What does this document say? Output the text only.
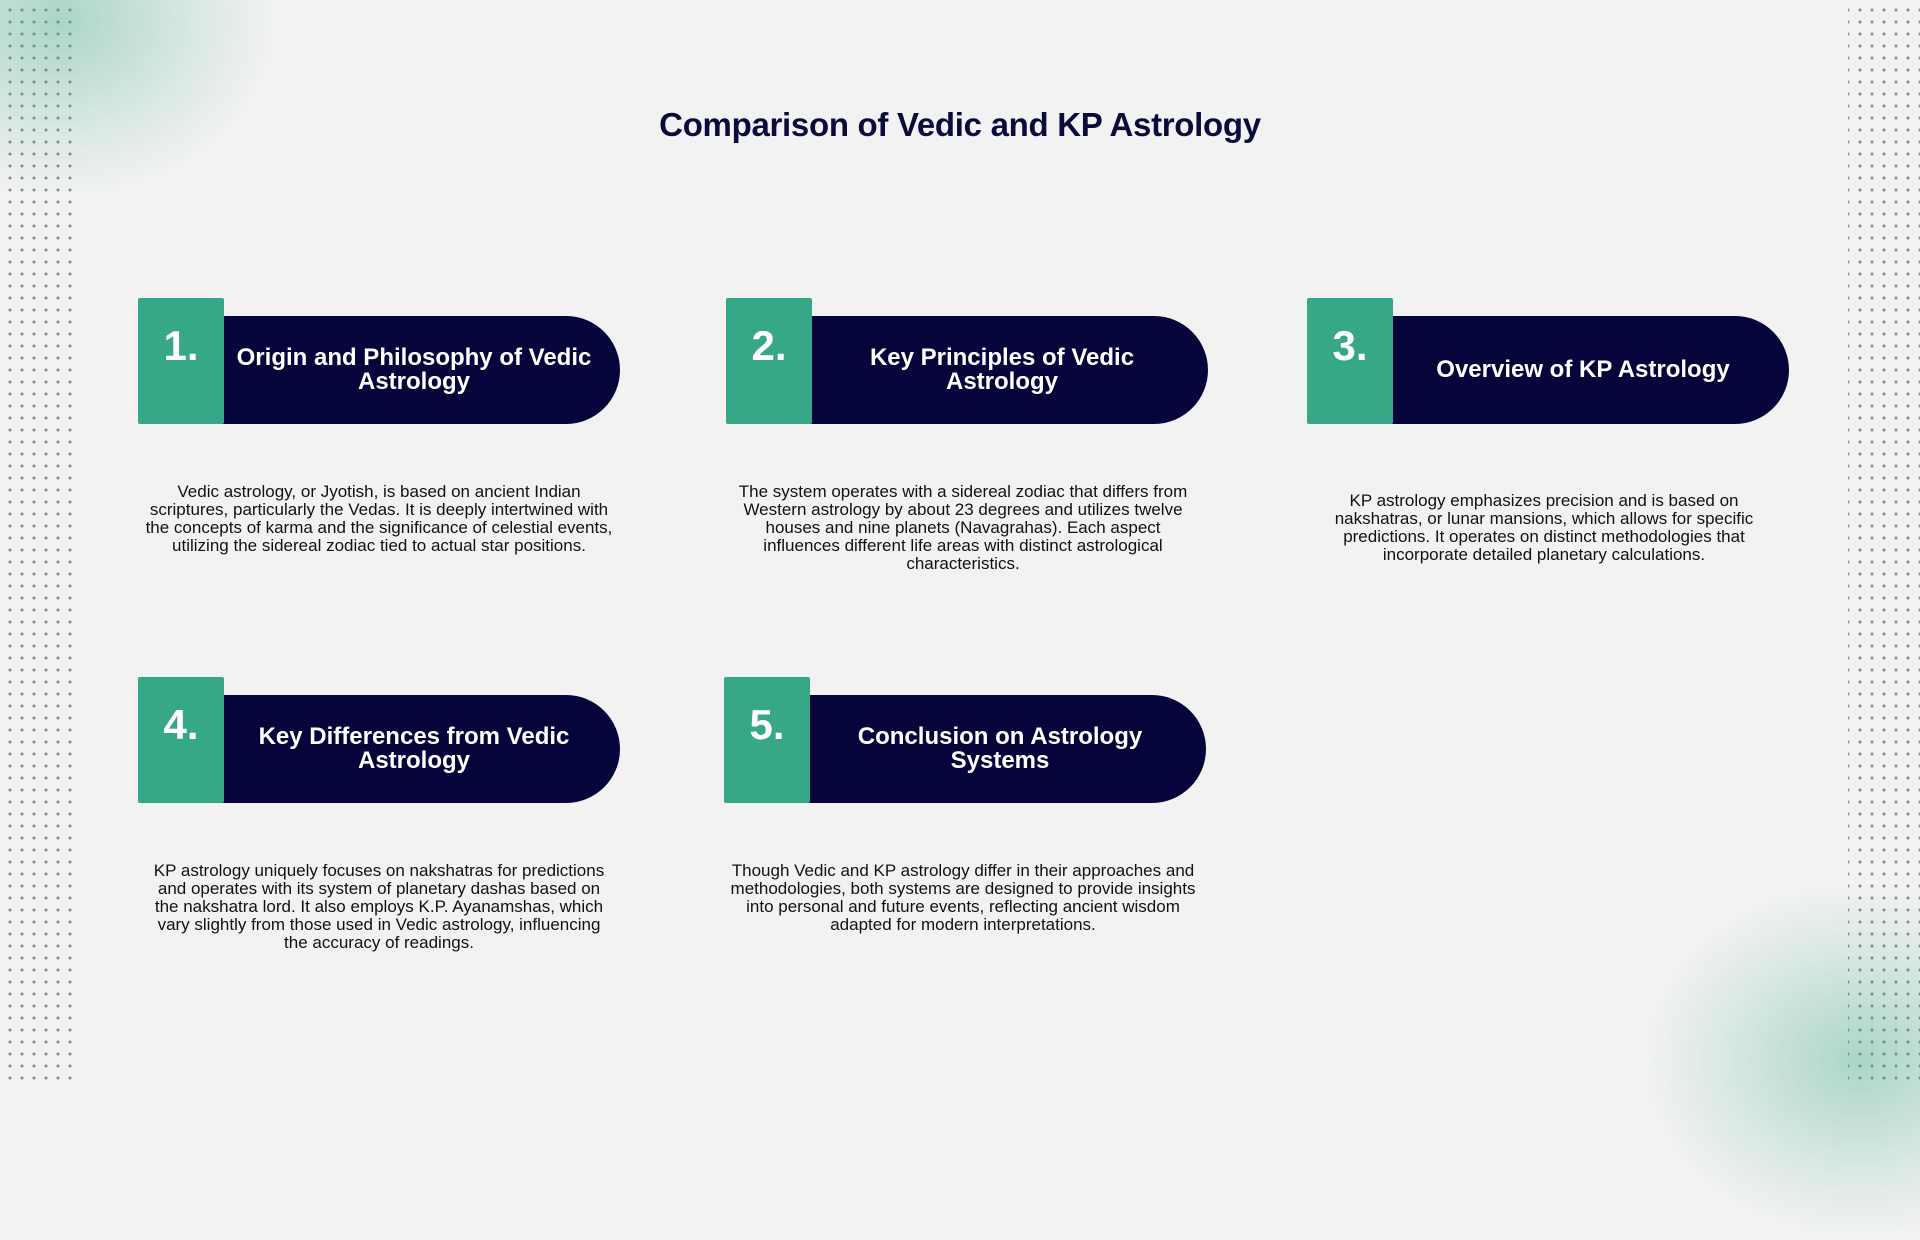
Comparison of Vedic and KP Astrology
Origin and Philosophy of Vedic Astrology
1.
Vedic astrology, or Jyotish, is based on ancient Indian scriptures, particularly the Vedas. It is deeply intertwined with the concepts of karma and the significance of celestial events, utilizing the sidereal zodiac tied to actual star positions.
Key Principles of Vedic Astrology
2.
The system operates with a sidereal zodiac that differs from Western astrology by about 23 degrees and utilizes twelve houses and nine planets (Navagrahas). Each aspect influences different life areas with distinct astrological characteristics.
Overview of KP Astrology
3.
KP astrology emphasizes precision and is based on nakshatras, or lunar mansions, which allows for specific predictions. It operates on distinct methodologies that incorporate detailed planetary calculations.
Key Differences from Vedic Astrology
4.
KP astrology uniquely focuses on nakshatras for predictions and operates with its system of planetary dashas based on the nakshatra lord. It also employs K.P. Ayanamshas, which vary slightly from those used in Vedic astrology, influencing the accuracy of readings.
Conclusion on Astrology Systems
5.
Though Vedic and KP astrology differ in their approaches and methodologies, both systems are designed to provide insights into personal and future events, reflecting ancient wisdom adapted for modern interpretations.
